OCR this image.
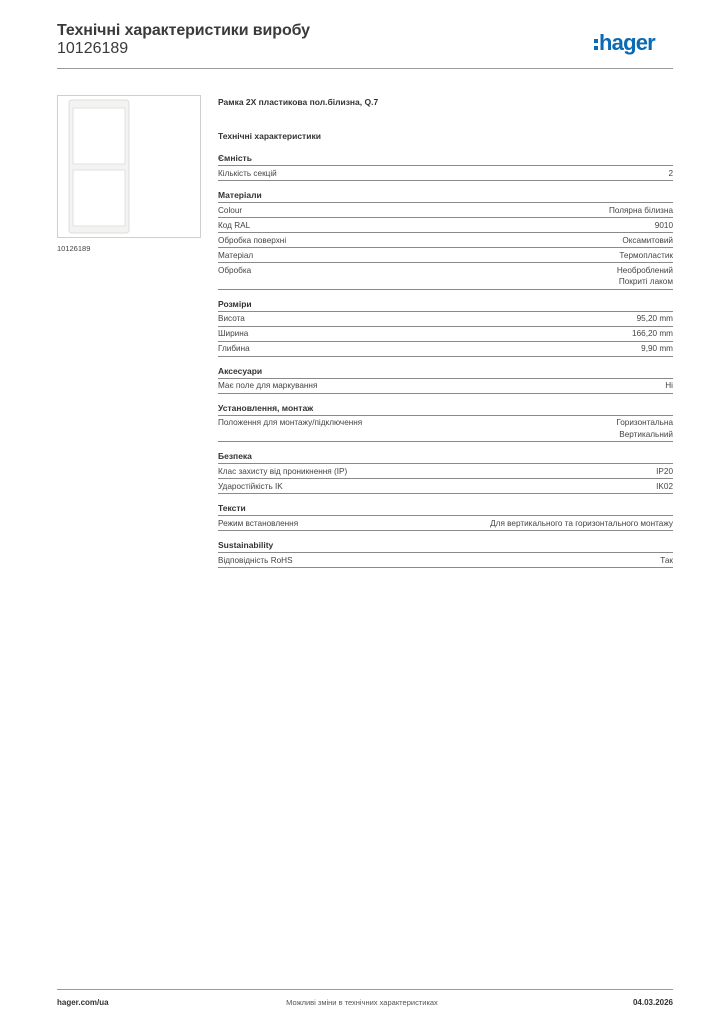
Технічні характеристики виробу
10126189	hager
10126189
Рамка 2X пластикова пол.білизна, Q.7
Технічні характеристики
Ємність
Кількість секцій	2
Матеріали
Colour	Полярна білизна
Код RAL	9010
Обробка поверхні	Оксамитовий
Матеріал	Термопластик
Обробка	Необроблений
Покриті лаком
Розміри
Висота	95,20 mm
Ширина	166,20 mm
Глибина	9,90 mm
Аксесуари
Має поле для маркування	Ні
Установлення, монтаж
Положення для монтажу/підключення	Горизонтальна
Вертикальний
Безпека
Клас захисту від проникнення (IP)	IP20
Ударостійкість IK	IK02
Тексти
Режим встановлення	Для вертикального та горизонтального монтажу
Sustainability
Відповідність RoHS	Так
hager.com/ua	Можливі зміни в технічних характеристиках	04.03.2026
